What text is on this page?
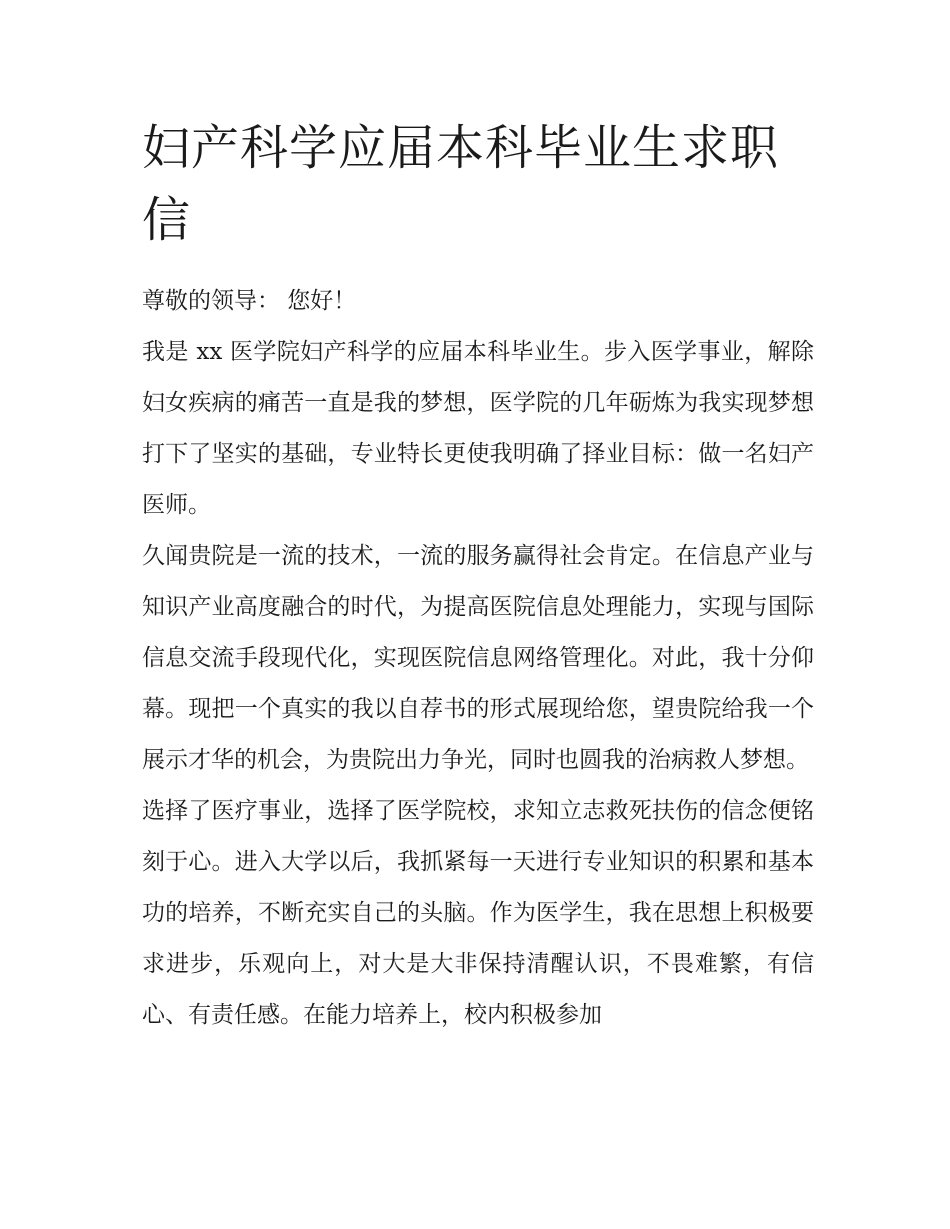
妇产科学应届本科毕业生求职信

尊敬的领导： 您好！

我是 xx 医学院妇产科学的应届本科毕业生。步入医学事业，解除妇女疾病的痛苦一直是我的梦想，医学院的几年砺炼为我实现梦想打下了坚实的基础，专业特长更使我明确了择业目标：做一名妇产医师。

久闻贵院是一流的技术，一流的服务赢得社会肯定。在信息产业与知识产业高度融合的时代，为提高医院信息处理能力，实现与国际信息交流手段现代化，实现医院信息网络管理化。对此，我十分仰幕。现把一个真实的我以自荐书的形式展现给您，望贵院给我一个展示才华的机会，为贵院出力争光，同时也圆我的治病救人梦想。

选择了医疗事业，选择了医学院校，求知立志救死扶伤的信念便铭刻于心。进入大学以后，我抓紧每一天进行专业知识的积累和基本功的培养，不断充实自己的头脑。作为医学生，我在思想上积极要求进步，乐观向上，对大是大非保持清醒认识，不畏难繁，有信心、有责任感。在能力培养上，校内积极参加
